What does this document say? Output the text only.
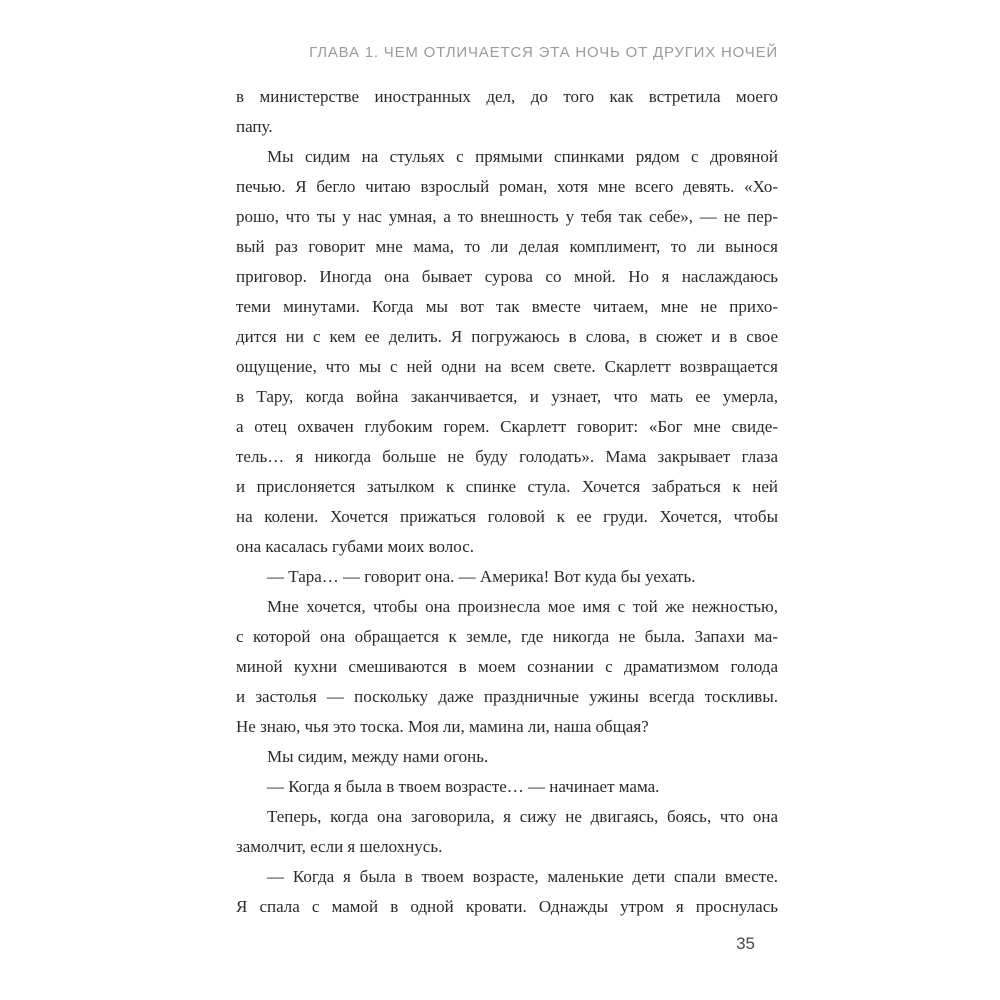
ГЛАВА 1. ЧЕМ ОТЛИЧАЕТСЯ ЭТА НОЧЬ ОТ ДРУГИХ НОЧЕЙ
в министерстве иностранных дел, до того как встретила моего
папу.
Мы сидим на стульях с прямыми спинками рядом с дровяной
печью. Я бегло читаю взрослый роман, хотя мне всего девять. «Хо-
рошо, что ты у нас умная, а то внешность у тебя так себе», — не пер-
вый раз говорит мне мама, то ли делая комплимент, то ли вынося
приговор. Иногда она бывает сурова со мной. Но я наслаждаюсь
теми минутами. Когда мы вот так вместе читаем, мне не прихо-
дится ни с кем ее делить. Я погружаюсь в слова, в сюжет и в свое
ощущение, что мы с ней одни на всем свете. Скарлетт возвращается
в Тару, когда война заканчивается, и узнает, что мать ее умерла,
а отец охвачен глубоким горем. Скарлетт говорит: «Бог мне свиде-
тель… я никогда больше не буду голодать». Мама закрывает глаза
и прислоняется затылком к спинке стула. Хочется забраться к ней
на колени. Хочется прижаться головой к ее груди. Хочется, чтобы
она касалась губами моих волос.
— Тара… — говорит она. — Америка! Вот куда бы уехать.
Мне хочется, чтобы она произнесла мое имя с той же нежностью,
с которой она обращается к земле, где никогда не была. Запахи ма-
миной кухни смешиваются в моем сознании с драматизмом голода
и застолья — поскольку даже праздничные ужины всегда тоскливы.
Не знаю, чья это тоска. Моя ли, мамина ли, наша общая?
Мы сидим, между нами огонь.
— Когда я была в твоем возрасте… — начинает мама.
Теперь, когда она заговорила, я сижу не двигаясь, боясь, что она
замолчит, если я шелохнусь.
— Когда я была в твоем возрасте, маленькие дети спали вместе.
Я спала с мамой в одной кровати. Однажды утром я проснулась
35
